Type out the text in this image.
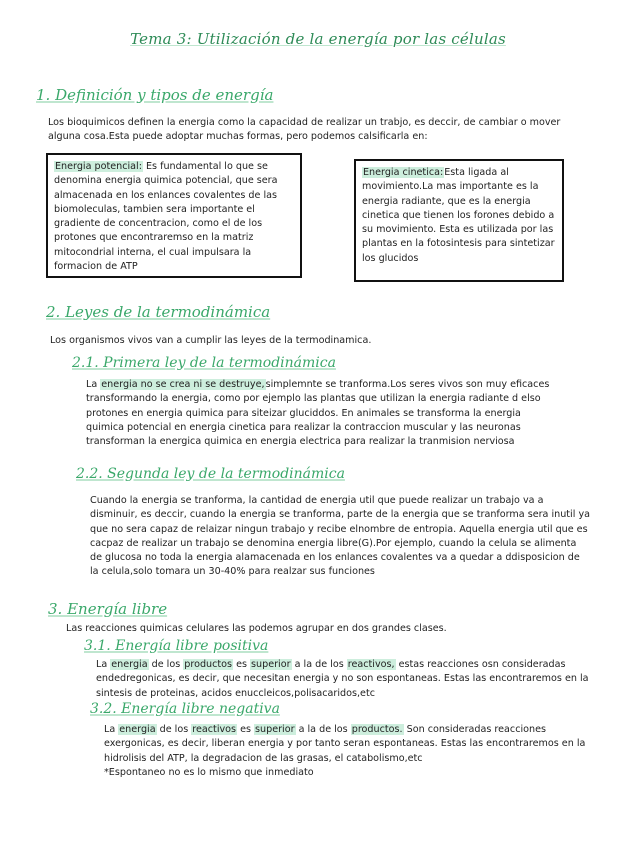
Tema 3: Utilización de la energía por las células
1. Definición y tipos de energía

Los bioquimicos definen la energia como la capacidad de realizar un trabjo, es deccir, de cambiar o mover alguna cosa.Esta puede adoptar muchas formas, pero podemos calsificarla en:

Energia potencial: Es fundamental lo que se denomina energia quimica potencial, que sera almacenada en los enlances covalentes de las biomoleculas, tambien sera importante el gradiente de concentracion, como el de los protones que encontraremso en la matriz mitocondrial interna, el cual impulsara la formacion de ATP
Energia cinetica:Esta ligada al movimiento.La mas importante es la energia radiante, que es la energia cinetica que tienen los forones debido a su movimiento. Esta es utilizada por las plantas en la fotosintesis para sintetizar los glucidos
2. Leyes de la termodinámica

Los organismos vivos van a cumplir las leyes de la termodinamica.

2.1. Primera ley de la termodinámica

La energia no se crea ni se destruye,simplemnte se tranforma.Los seres vivos son muy eficaces transformando la energia, como por ejemplo las plantas que utilizan la energia radiante d elso protones en energia quimica para siteizar gluciddos. En animales se transforma la energia quimica potencial en energia cinetica para realizar la contraccion muscular y las neuronas transforman la energica quimica en energia electrica para realizar la tranmision nerviosa

2.2. Segunda ley de la termodinámica

Cuando la energia se tranforma, la cantidad de energia util que puede realizar un trabajo va a disminuir, es deccir, cuando la energia se tranforma, parte de la energia que se tranforma sera inutil ya que no sera capaz de relaizar ningun trabajo y recibe elnombre de entropia. Aquella energia util que es cacpaz de realizar un trabajo se denomina energia libre(G).Por ejemplo, cuando la celula se alimenta de glucosa no toda la energia alamacenada en los enlances covalentes va a quedar a ddisposicion de la celula,solo tomara un 30-40% para realzar sus funciones

3. Energía libre

Las reacciones quimicas celulares las podemos agrupar en dos grandes clases.

3.1. Energía libre positiva

La energia de los productos es superior a la de los reactivos, estas reacciones osn consideradas endedregonicas, es decir, que necesitan energia y no son espontaneas. Estas las encontraremos en la sintesis de proteinas, acidos enuccleicos,polisacaridos,etc

3.2. Energía libre negativa

La energia de los reactivos es superior a la de los productos. Son consideradas reacciones exergonicas, es decir, liberan energia y por tanto seran espontaneas. Estas las encontraremos en la hidrolisis del ATP, la degradacion de las grasas, el catabolismo,etc
*Espontaneo no es lo mismo que inmediato
